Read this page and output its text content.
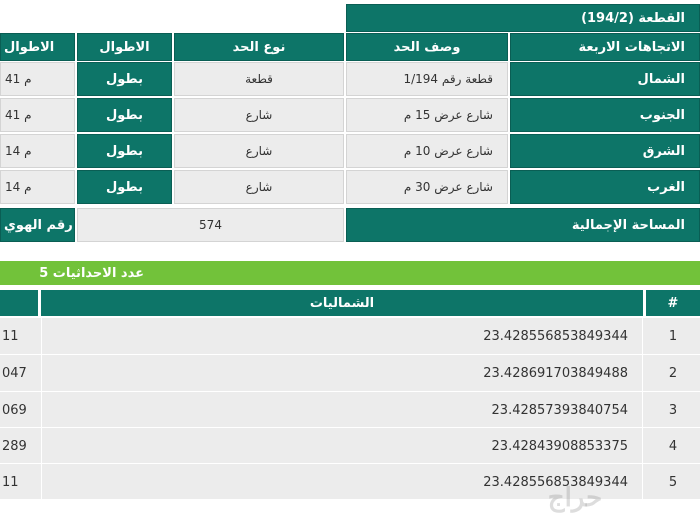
القطعة (194/2)
الاتجاهات الاربعة
وصف الحد
نوع الحد
الاطوال
الاطوال
الشمال
قطعة رقم 1/194
قطعة
بطول
41 م
الجنوب
شارع عرض 15 م
شارع
بطول
41 م
الشرق
شارع عرض 10 م
شارع
بطول
14 م
الغرب
شارع عرض 30 م
شارع
بطول
14 م
المساحة الإجمالية
574
رقم الهوي
عدد الاحداثيات 5
#
الشماليات
1
23.428556853849344
11
2
23.428691703849488
047
3
23.42857393840754
069
4
23.42843908853375
289
5
23.428556853849344
11
حراج
